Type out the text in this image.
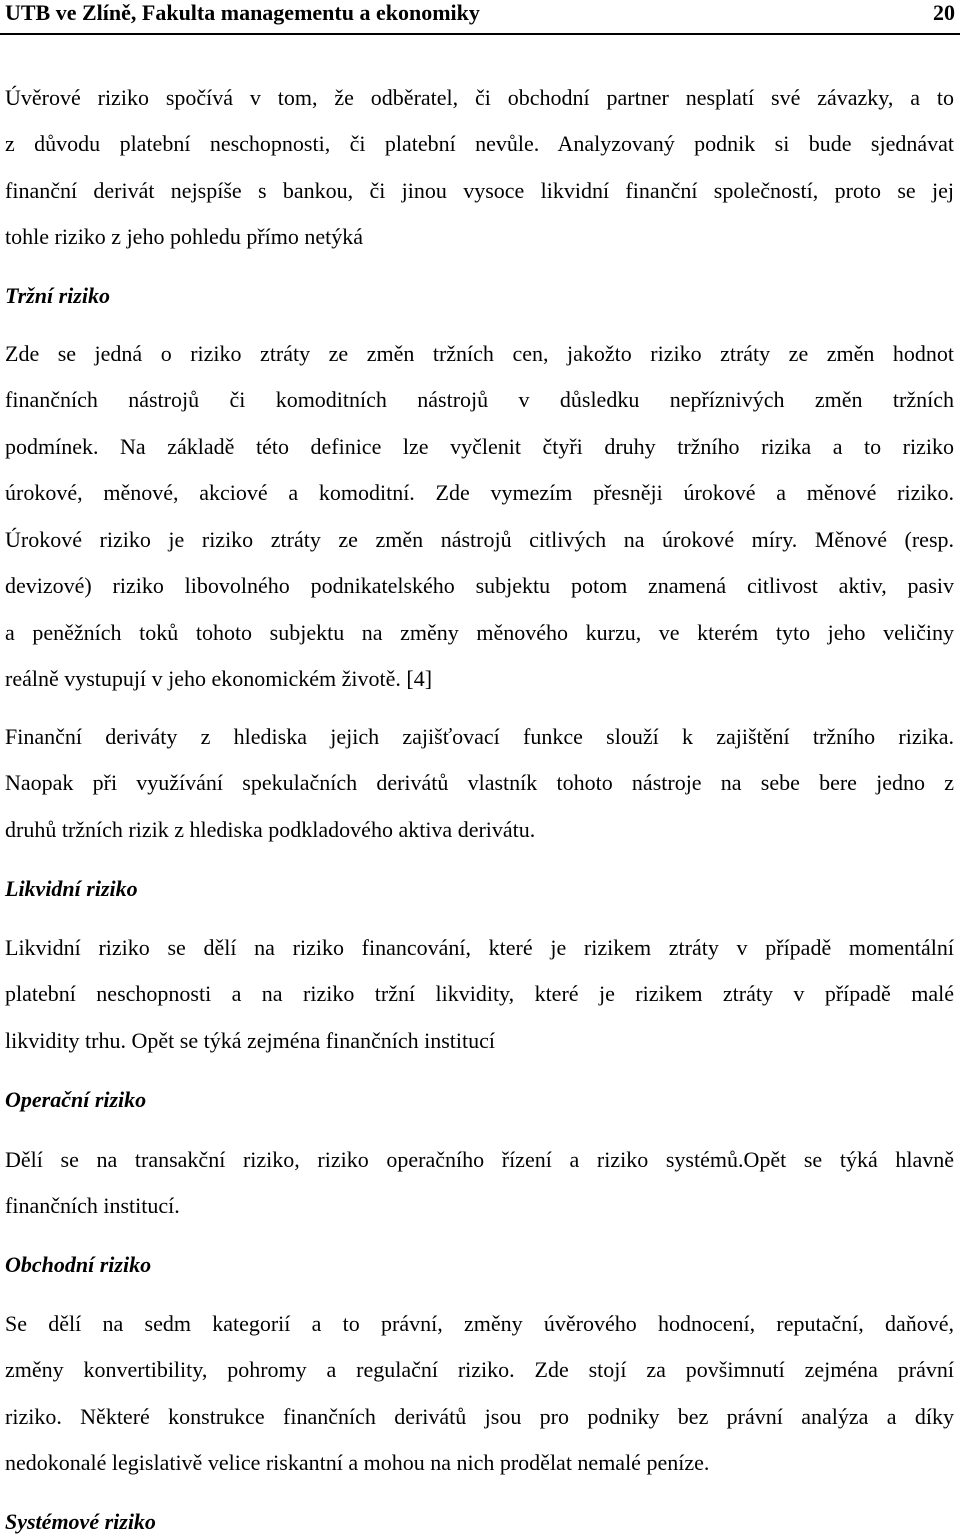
UTB ve Zlíně, Fakulta managementu a ekonomiky	20
Úvěrové riziko spočívá v tom, že odběratel, či obchodní partner nesplatí své závazky, a to
z důvodu platební neschopnosti, či platební nevůle. Analyzovaný podnik si bude sjednávat
finanční derivát nejspíše s bankou, či jinou vysoce likvidní finanční společností, proto se jej
tohle riziko z jeho pohledu přímo netýká
Tržní riziko
Zde se jedná o riziko ztráty ze změn tržních cen, jakožto riziko ztráty ze změn hodnot
finančních nástrojů či komoditních nástrojů v důsledku nepříznivých změn tržních
podmínek. Na základě této definice lze vyčlenit čtyři druhy tržního rizika a to riziko
úrokové, měnové, akciové a komoditní. Zde vymezím přesněji úrokové a měnové riziko.
Úrokové riziko je riziko ztráty ze změn nástrojů citlivých na úrokové míry. Měnové (resp.
devizové) riziko libovolného podnikatelského subjektu potom znamená citlivost aktiv, pasiv
a peněžních toků tohoto subjektu na změny měnového kurzu, ve kterém tyto jeho veličiny
reálně vystupují v jeho ekonomickém životě. [4]
Finanční deriváty z hlediska jejich zajišťovací funkce slouží k zajištění tržního rizika.
Naopak při využívání spekulačních derivátů vlastník tohoto nástroje na sebe bere jedno z
druhů tržních rizik z hlediska podkladového aktiva derivátu.
Likvidní riziko
Likvidní riziko se dělí na riziko financování, které je rizikem ztráty v případě momentální
platební neschopnosti a na riziko tržní likvidity, které je rizikem ztráty v případě malé
likvidity trhu. Opět se týká zejména finančních institucí
Operační riziko
Dělí se na transakční riziko, riziko operačního řízení a riziko systémů.Opět se týká hlavně
finančních institucí.
Obchodní riziko
Se dělí na sedm kategorií a to právní, změny úvěrového hodnocení, reputační, daňové,
změny konvertibility, pohromy a regulační riziko. Zde stojí za povšimnutí zejména právní
riziko. Některé konstrukce finančních derivátů jsou pro podniky bez právní analýza a díky
nedokonalé legislativě velice riskantní a mohou na nich prodělat nemalé peníze.
Systémové riziko
